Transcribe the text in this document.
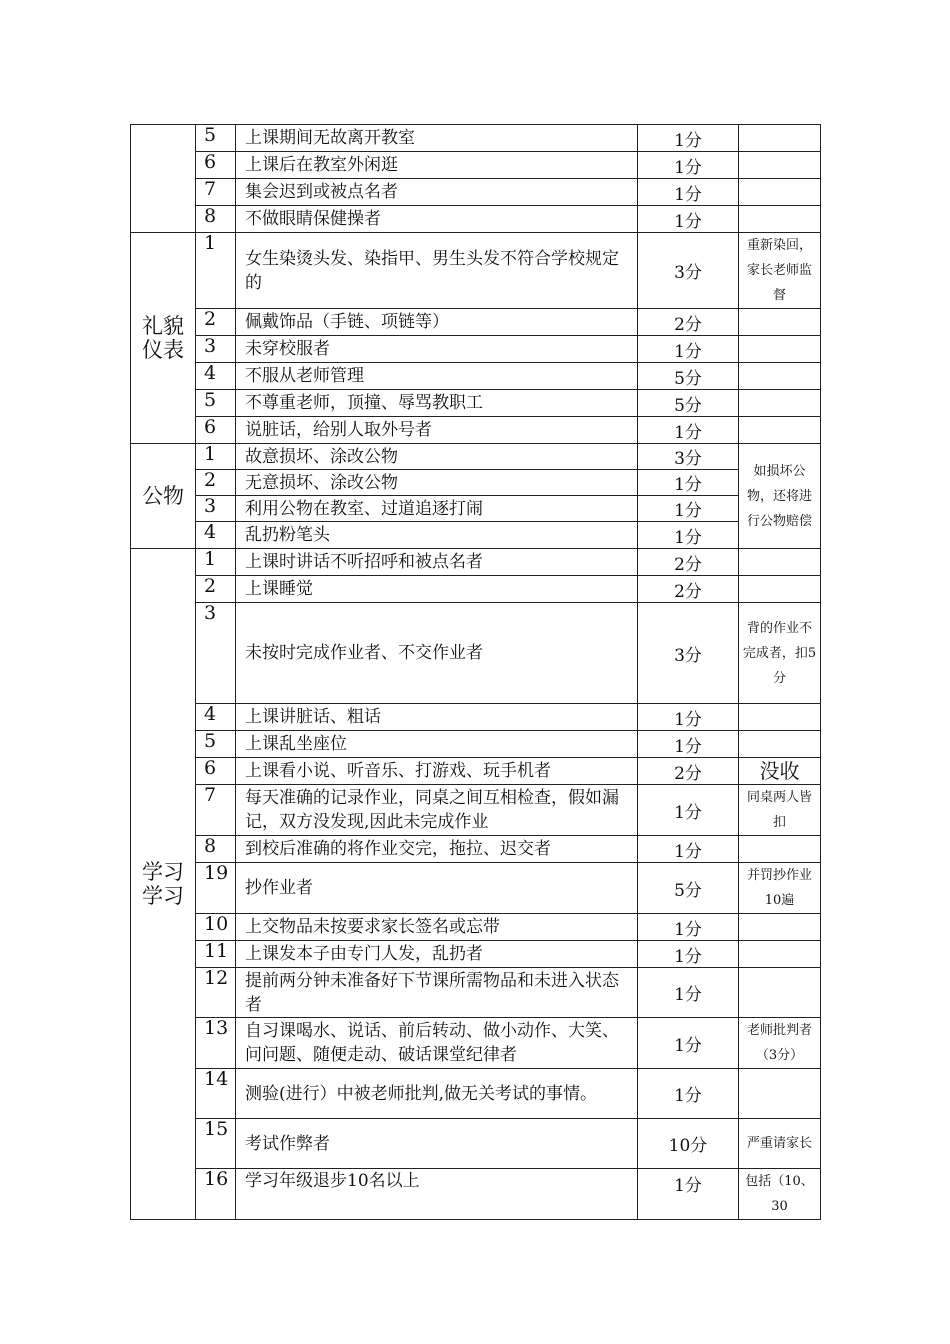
	5	上课期间无故离开教室	1分	
	6	上课后在教室外闲逛	1分	
	7	集会迟到或被点名者	1分	
	8	不做眼睛保健操者	1分	

礼貌仪表	1	女生染烫头发、染指甲、男生头发不符合学校规定的	3分	重新染回，家长老师监督
	2	佩戴饰品（手链、项链等）	2分	
	3	未穿校服者	1分	
	4	不服从老师管理	5分	
	5	不尊重老师，顶撞、辱骂教职工	5分	
	6	说脏话，给别人取外号者	1分	
公物	1	故意损坏、涂改公物	3分	如损坏公物，还将进行公物赔偿
	2	无意损坏、涂改公物	1分	
	3	利用公物在教室、过道追逐打闹	1分	
	4	乱扔粉笔头	1分	

学习学习	1	上课时讲话不听招呼和被点名者	2分	
	2	上课睡觉	2分	
	3	未按时完成作业者、不交作业者	3分	背的作业不完成者，扣5分
	4	上课讲脏话、粗话	1分	
	5	上课乱坐座位	1分	
	6	上课看小说、听音乐、打游戏、玩手机者	2分	没收
	7	每天准确的记录作业，同桌之间互相检查，假如漏记，双方没发现,因此未完成作业	1分	同桌两人皆扣
	8	到校后准确的将作业交完，拖拉、迟交者	1分	
	19	抄作业者	5分	并罚抄作业10遍
	10	上交物品未按要求家长签名或忘带	1分	
	11	上课发本子由专门人发，乱扔者	1分	
	12	提前两分钟未准备好下节课所需物品和未进入状态者	1分	
	13	自习课喝水、说话、前后转动、做小动作、大笑、问问题、随便走动、破话课堂纪律者	1分	老师批判者（3分）
	14	测验(进行）中被老师批判,做无关考试的事情。	1分	
	15	考试作弊者	10分	严重请家长
	16	学习年级退步10名以上	1分	包括（10、30
